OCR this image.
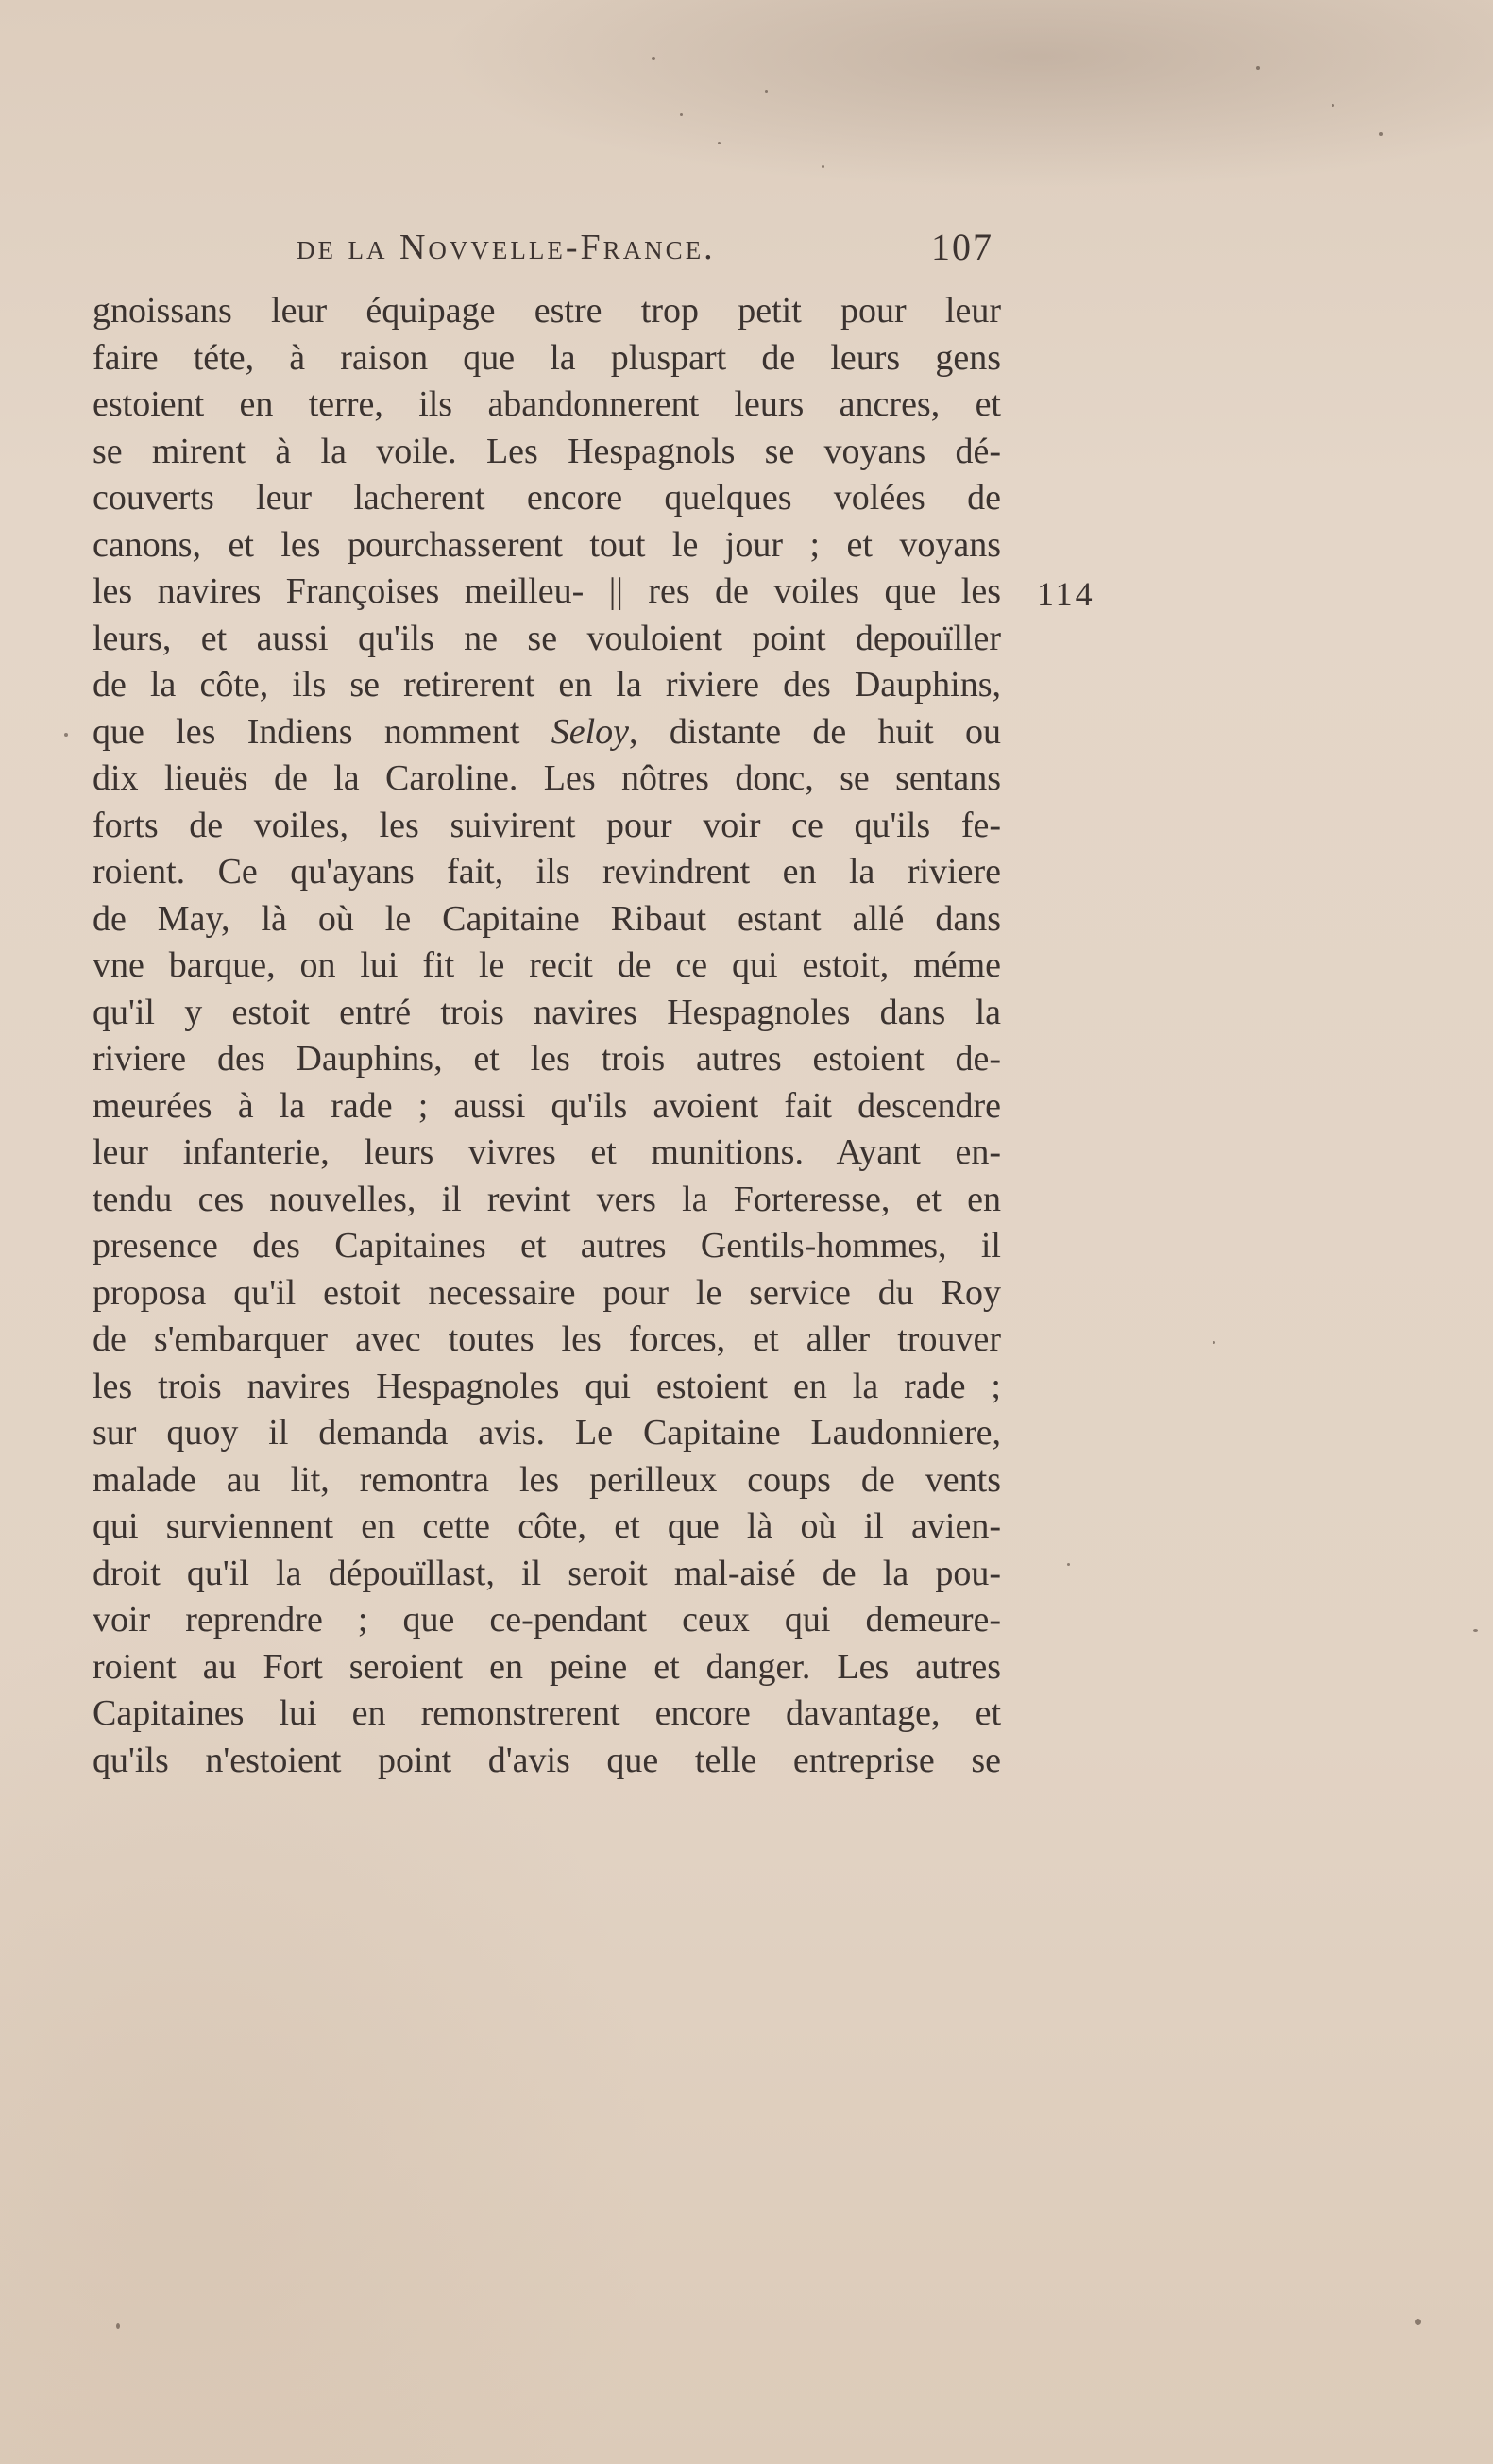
de la Novvelle-France.	107
114
gnoissans leur équipage estre trop petit pour leur
faire téte, à raison que la pluspart de leurs gens
estoient en terre, ils abandonnerent leurs ancres, et
se mirent à la voile. Les Hespagnols se voyans dé-
couverts leur lacherent encore quelques volées de
canons, et les pourchasserent tout le jour ; et voyans
les navires Françoises meilleu- || res de voiles que les
leurs, et aussi qu'ils ne se vouloient point depouïller
de la côte, ils se retirerent en la riviere des Dauphins,
que les Indiens nomment Seloy, distante de huit ou
dix lieuës de la Caroline. Les nôtres donc, se sentans
forts de voiles, les suivirent pour voir ce qu'ils fe-
roient. Ce qu'ayans fait, ils revindrent en la riviere
de May, là où le Capitaine Ribaut estant allé dans
vne barque, on lui fit le recit de ce qui estoit, méme
qu'il y estoit entré trois navires Hespagnoles dans la
riviere des Dauphins, et les trois autres estoient de-
meurées à la rade ; aussi qu'ils avoient fait descendre
leur infanterie, leurs vivres et munitions. Ayant en-
tendu ces nouvelles, il revint vers la Forteresse, et en
presence des Capitaines et autres Gentils-hommes, il
proposa qu'il estoit necessaire pour le service du Roy
de s'embarquer avec toutes les forces, et aller trouver
les trois navires Hespagnoles qui estoient en la rade ;
sur quoy il demanda avis. Le Capitaine Laudonniere,
malade au lit, remontra les perilleux coups de vents
qui surviennent en cette côte, et que là où il avien-
droit qu'il la dépouïllast, il seroit mal-aisé de la pou-
voir reprendre ; que ce-pendant ceux qui demeure-
roient au Fort seroient en peine et danger. Les autres
Capitaines lui en remonstrerent encore davantage, et
qu'ils n'estoient point d'avis que telle entreprise se
